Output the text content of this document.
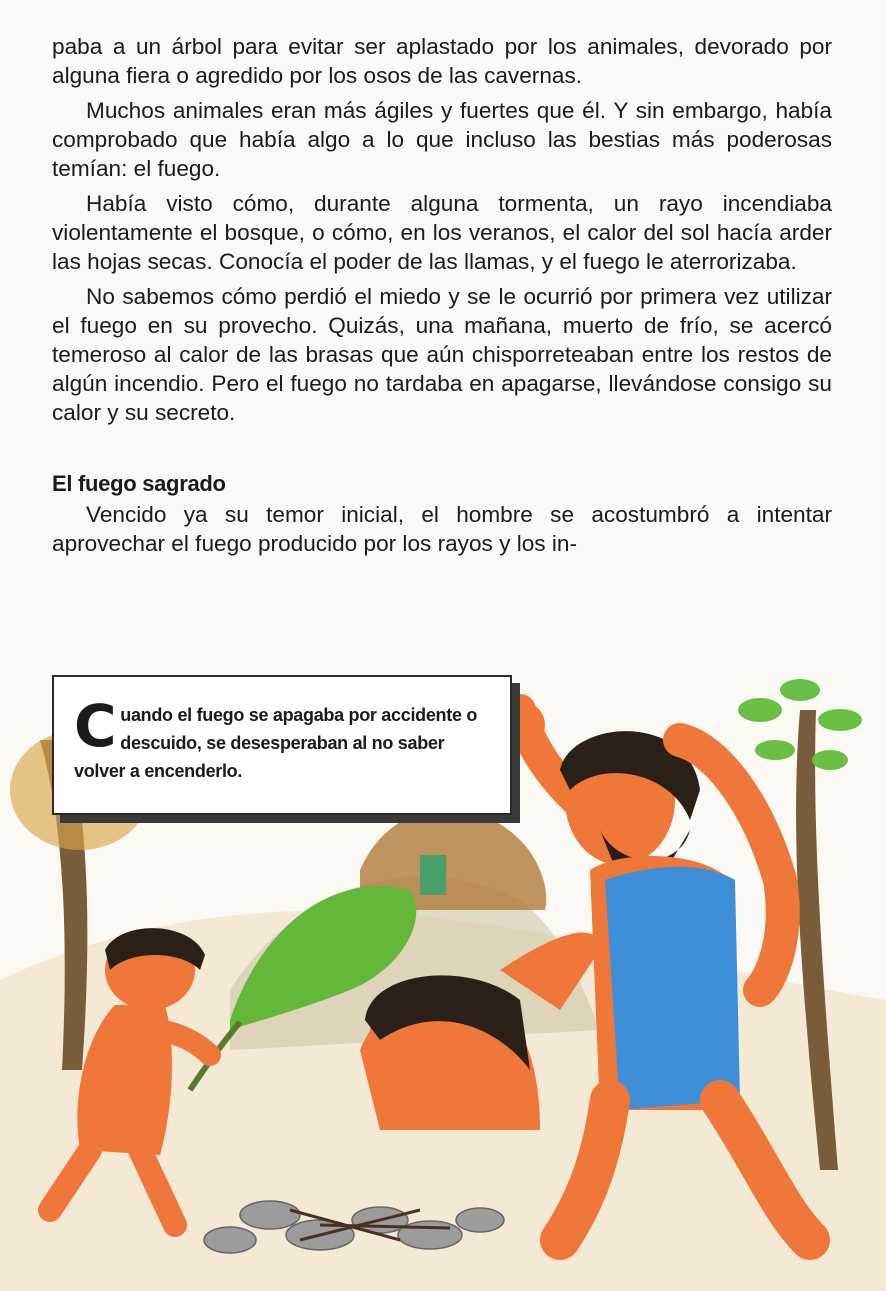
paba a un árbol para evitar ser aplastado por los animales, devorado por alguna fiera o agredido por los osos de las cavernas.

Muchos animales eran más ágiles y fuertes que él. Y sin embargo, había comprobado que había algo a lo que incluso las bestias más poderosas temían: el fuego.

Había visto cómo, durante alguna tormenta, un rayo incendiaba violentamente el bosque, o cómo, en los veranos, el calor del sol hacía arder las hojas secas. Conocía el poder de las llamas, y el fuego le aterrorizaba.

No sabemos cómo perdió el miedo y se le ocurrió por primera vez utilizar el fuego en su provecho. Quizás, una mañana, muerto de frío, se acercó temeroso al calor de las brasas que aún chisporreteaban entre los restos de algún incendio. Pero el fuego no tardaba en apagarse, llevándose consigo su calor y su secreto.

El fuego sagrado

Vencido ya su temor inicial, el hombre se acostumbró a intentar aprovechar el fuego producido por los rayos y los in-

C uando el fuego se apagaba por accidente o descuido, se desesperaban al no saber volver a encenderlo.
